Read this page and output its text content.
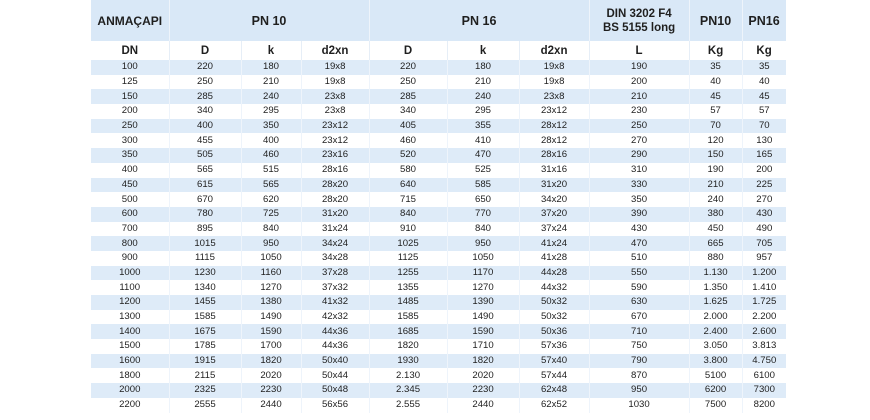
ANMAÇAPI	PN 10			PN 16			DIN 3202 F4
BS 5155 long	PN10	PN16
DN	D	k	d2xn	D	k	d2xn	L	Kg	Kg
100	220	180	19x8	220	180	19x8	190	35	35
125	250	210	19x8	250	210	19x8	200	40	40
150	285	240	23x8	285	240	23x8	210	45	45
200	340	295	23x8	340	295	23x12	230	57	57
250	400	350	23x12	405	355	28x12	250	70	70
300	455	400	23x12	460	410	28x12	270	120	130
350	505	460	23x16	520	470	28x16	290	150	165
400	565	515	28x16	580	525	31x16	310	190	200
450	615	565	28x20	640	585	31x20	330	210	225
500	670	620	28x20	715	650	34x20	350	240	270
600	780	725	31x20	840	770	37x20	390	380	430
700	895	840	31x24	910	840	37x24	430	450	490
800	1015	950	34x24	1025	950	41x24	470	665	705
900	1115	1050	34x28	1125	1050	41x28	510	880	957
1000	1230	1160	37x28	1255	1170	44x28	550	1.130	1.200
1100	1340	1270	37x32	1355	1270	44x32	590	1.350	1.410
1200	1455	1380	41x32	1485	1390	50x32	630	1.625	1.725
1300	1585	1490	42x32	1585	1490	50x32	670	2.000	2.200
1400	1675	1590	44x36	1685	1590	50x36	710	2.400	2.600
1500	1785	1700	44x36	1820	1710	57x36	750	3.050	3.813
1600	1915	1820	50x40	1930	1820	57x40	790	3.800	4.750
1800	2115	2020	50x44	2.130	2020	57x44	870	5100	6100
2000	2325	2230	50x48	2.345	2230	62x48	950	6200	7300
2200	2555	2440	56x56	2.555	2440	62x52	1030	7500	8200
